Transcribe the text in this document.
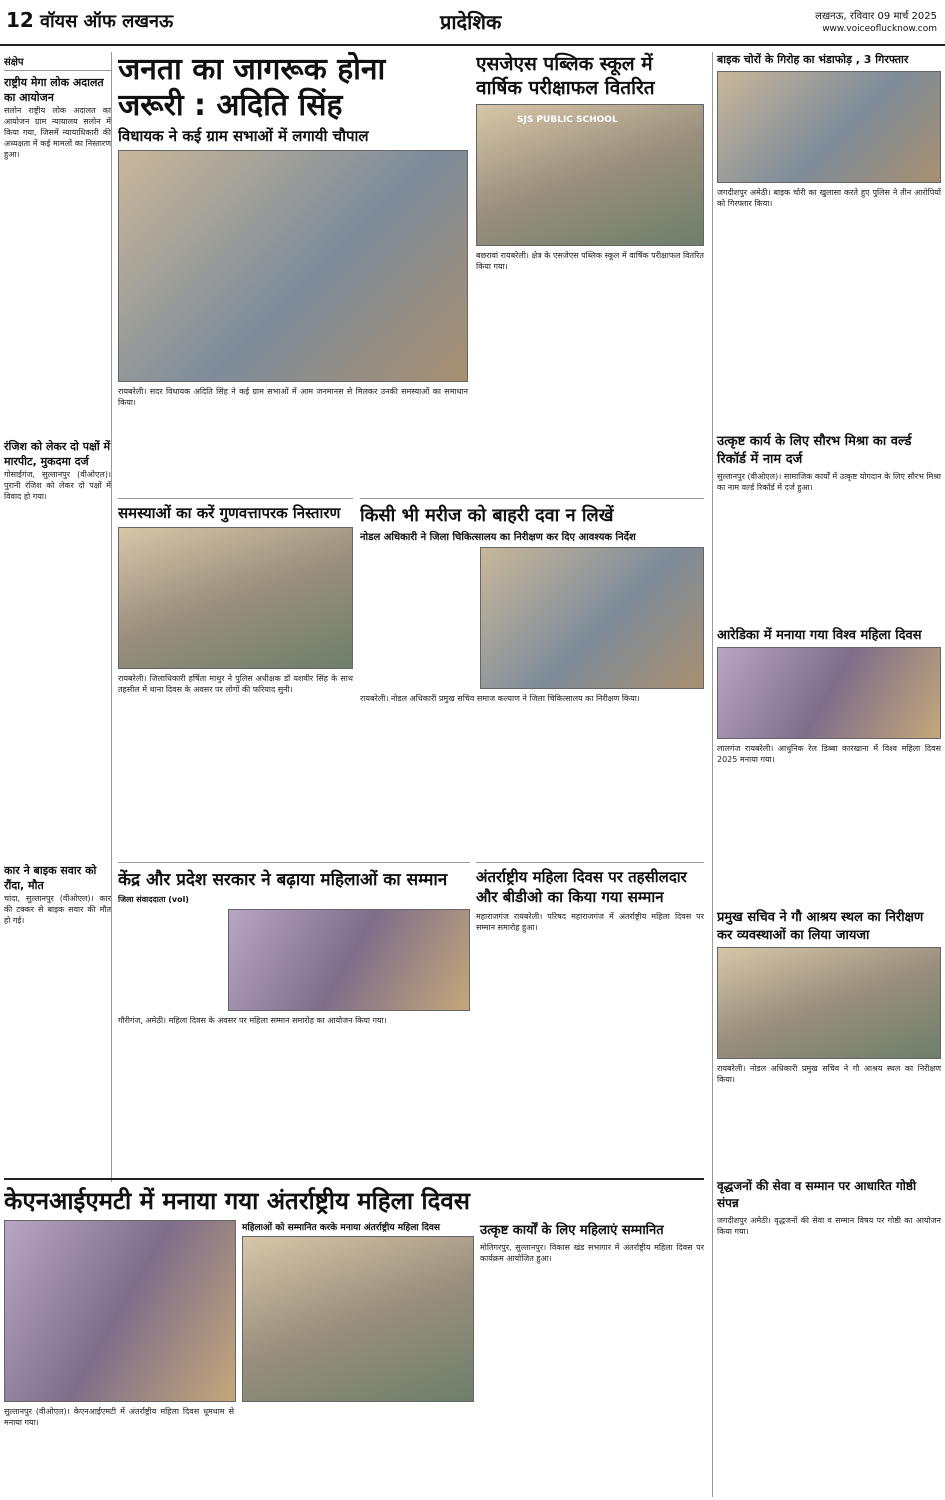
12 वॉयस ऑफ लखनऊ	प्रादेशिक	लखनऊ, रविवार 09 मार्च 2025
www.voiceoflucknow.com
संक्षेप
राष्ट्रीय मेगा लोक अदालत का आयोजन
सलोन राष्ट्रीय लोक अदालत का आयोजन ग्राम न्यायालय सलोन में किया गया, जिसमें न्यायाधिकारी की अध्यक्षता में कई मामलों का निस्तारण हुआ।
रंजिश को लेकर दो पक्षों में मारपीट, मुकदमा दर्ज
गोसाईगंज, सुल्तानपुर (वीओएल)। पुरानी रंजिश को लेकर दो पक्षों में विवाद हो गया।
कार ने बाइक सवार को रौंदा, मौत
चांदा, सुल्तानपुर (वीओएल)। कार की टक्कर से बाइक सवार की मौत हो गई।
जनता का जागरूक होना
जरूरी : अदिति सिंह
विधायक ने कई ग्राम सभाओं में लगायी चौपाल
रायबरेली। सदर विधायक अदिति सिंह ने कई ग्राम सभाओं में आम जनमानस से मिलकर उनकी समस्याओं का समाधान किया।
एसजेएस पब्लिक स्कूल में
वार्षिक परीक्षाफल वितरित
SJS PUBLIC SCHOOL
बछरावां रायबरेली। क्षेत्र के एसजेएस पब्लिक स्कूल में वार्षिक परीक्षाफल वितरित किया गया।
समस्याओं का करें गुणवत्तापरक निस्तारण
रायबरेली। जिलाधिकारी हर्षिता माथुर ने पुलिस अधीक्षक डॉ यशवीर सिंह के साथ तहसील में थाना दिवस के अवसर पर लोगों की फरियाद सुनी।
किसी भी मरीज को बाहरी दवा न लिखें
नोडल अधिकारी ने जिला चिकित्सालय का निरीक्षण कर दिए आवश्यक निर्देश
रायबरेली। नोडल अधिकारी प्रमुख सचिव समाज कल्याण ने जिला चिकित्सालय का निरीक्षण किया।
केंद्र और प्रदेश सरकार ने बढ़ाया महिलाओं का सम्मान
जिला संवाददाता (vol)
गौरीगंज, अमेठी। महिला दिवस के अवसर पर महिला सम्मान समारोह का आयोजन किया गया।
अंतर्राष्ट्रीय महिला दिवस पर तहसीलदार
और बीडीओ का किया गया सम्मान
महाराजगंज रायबरेली। परिषद महाराजगंज में अंतर्राष्ट्रीय महिला दिवस पर सम्मान समारोह हुआ।
केएनआईएमटी में मनाया गया अंतर्राष्ट्रीय महिला दिवस
महिलाओं को सम्मानित करके मनाया अंतर्राष्ट्रीय महिला दिवस
सुल्तानपुर (वीओएल)। केएनआईएमटी में अंतर्राष्ट्रीय महिला दिवस धूमधाम से मनाया गया।
उत्कृष्ट कार्यों के लिए महिलाएं सम्मानित
मोतिगरपुर, सुल्तानपुर। विकास खंड सभागार में अंतर्राष्ट्रीय महिला दिवस पर कार्यक्रम आयोजित हुआ।
बाइक चोरों के गिरोह का भंडाफोड़ , 3 गिरफ्तार
जगदीशपुर अमेठी। बाइक चोरी का खुलासा करते हुए पुलिस ने तीन आरोपियों को गिरफ्तार किया।
उत्कृष्ट कार्य के लिए सौरभ मिश्रा का वर्ल्ड रिकॉर्ड में नाम दर्ज
सुल्तानपुर (वीओएल)। सामाजिक कार्यों में उत्कृष्ट योगदान के लिए सौरभ मिश्रा का नाम वर्ल्ड रिकॉर्ड में दर्ज हुआ।
आरेडिका में मनाया गया विश्व महिला दिवस
लालगंज रायबरेली। आधुनिक रेल डिब्बा कारखाना में विश्व महिला दिवस 2025 मनाया गया।
प्रमुख सचिव ने गौ आश्रय स्थल का निरीक्षण कर व्यवस्थाओं का लिया जायजा
रायबरेली। नोडल अधिकारी प्रमुख सचिव ने गौ आश्रय स्थल का निरीक्षण किया।
वृद्धजनों की सेवा व सम्मान पर आधारित गोष्ठी संपन्न
जगदीशपुर अमेठी। वृद्धजनों की सेवा व सम्मान विषय पर गोष्ठी का आयोजन किया गया।
